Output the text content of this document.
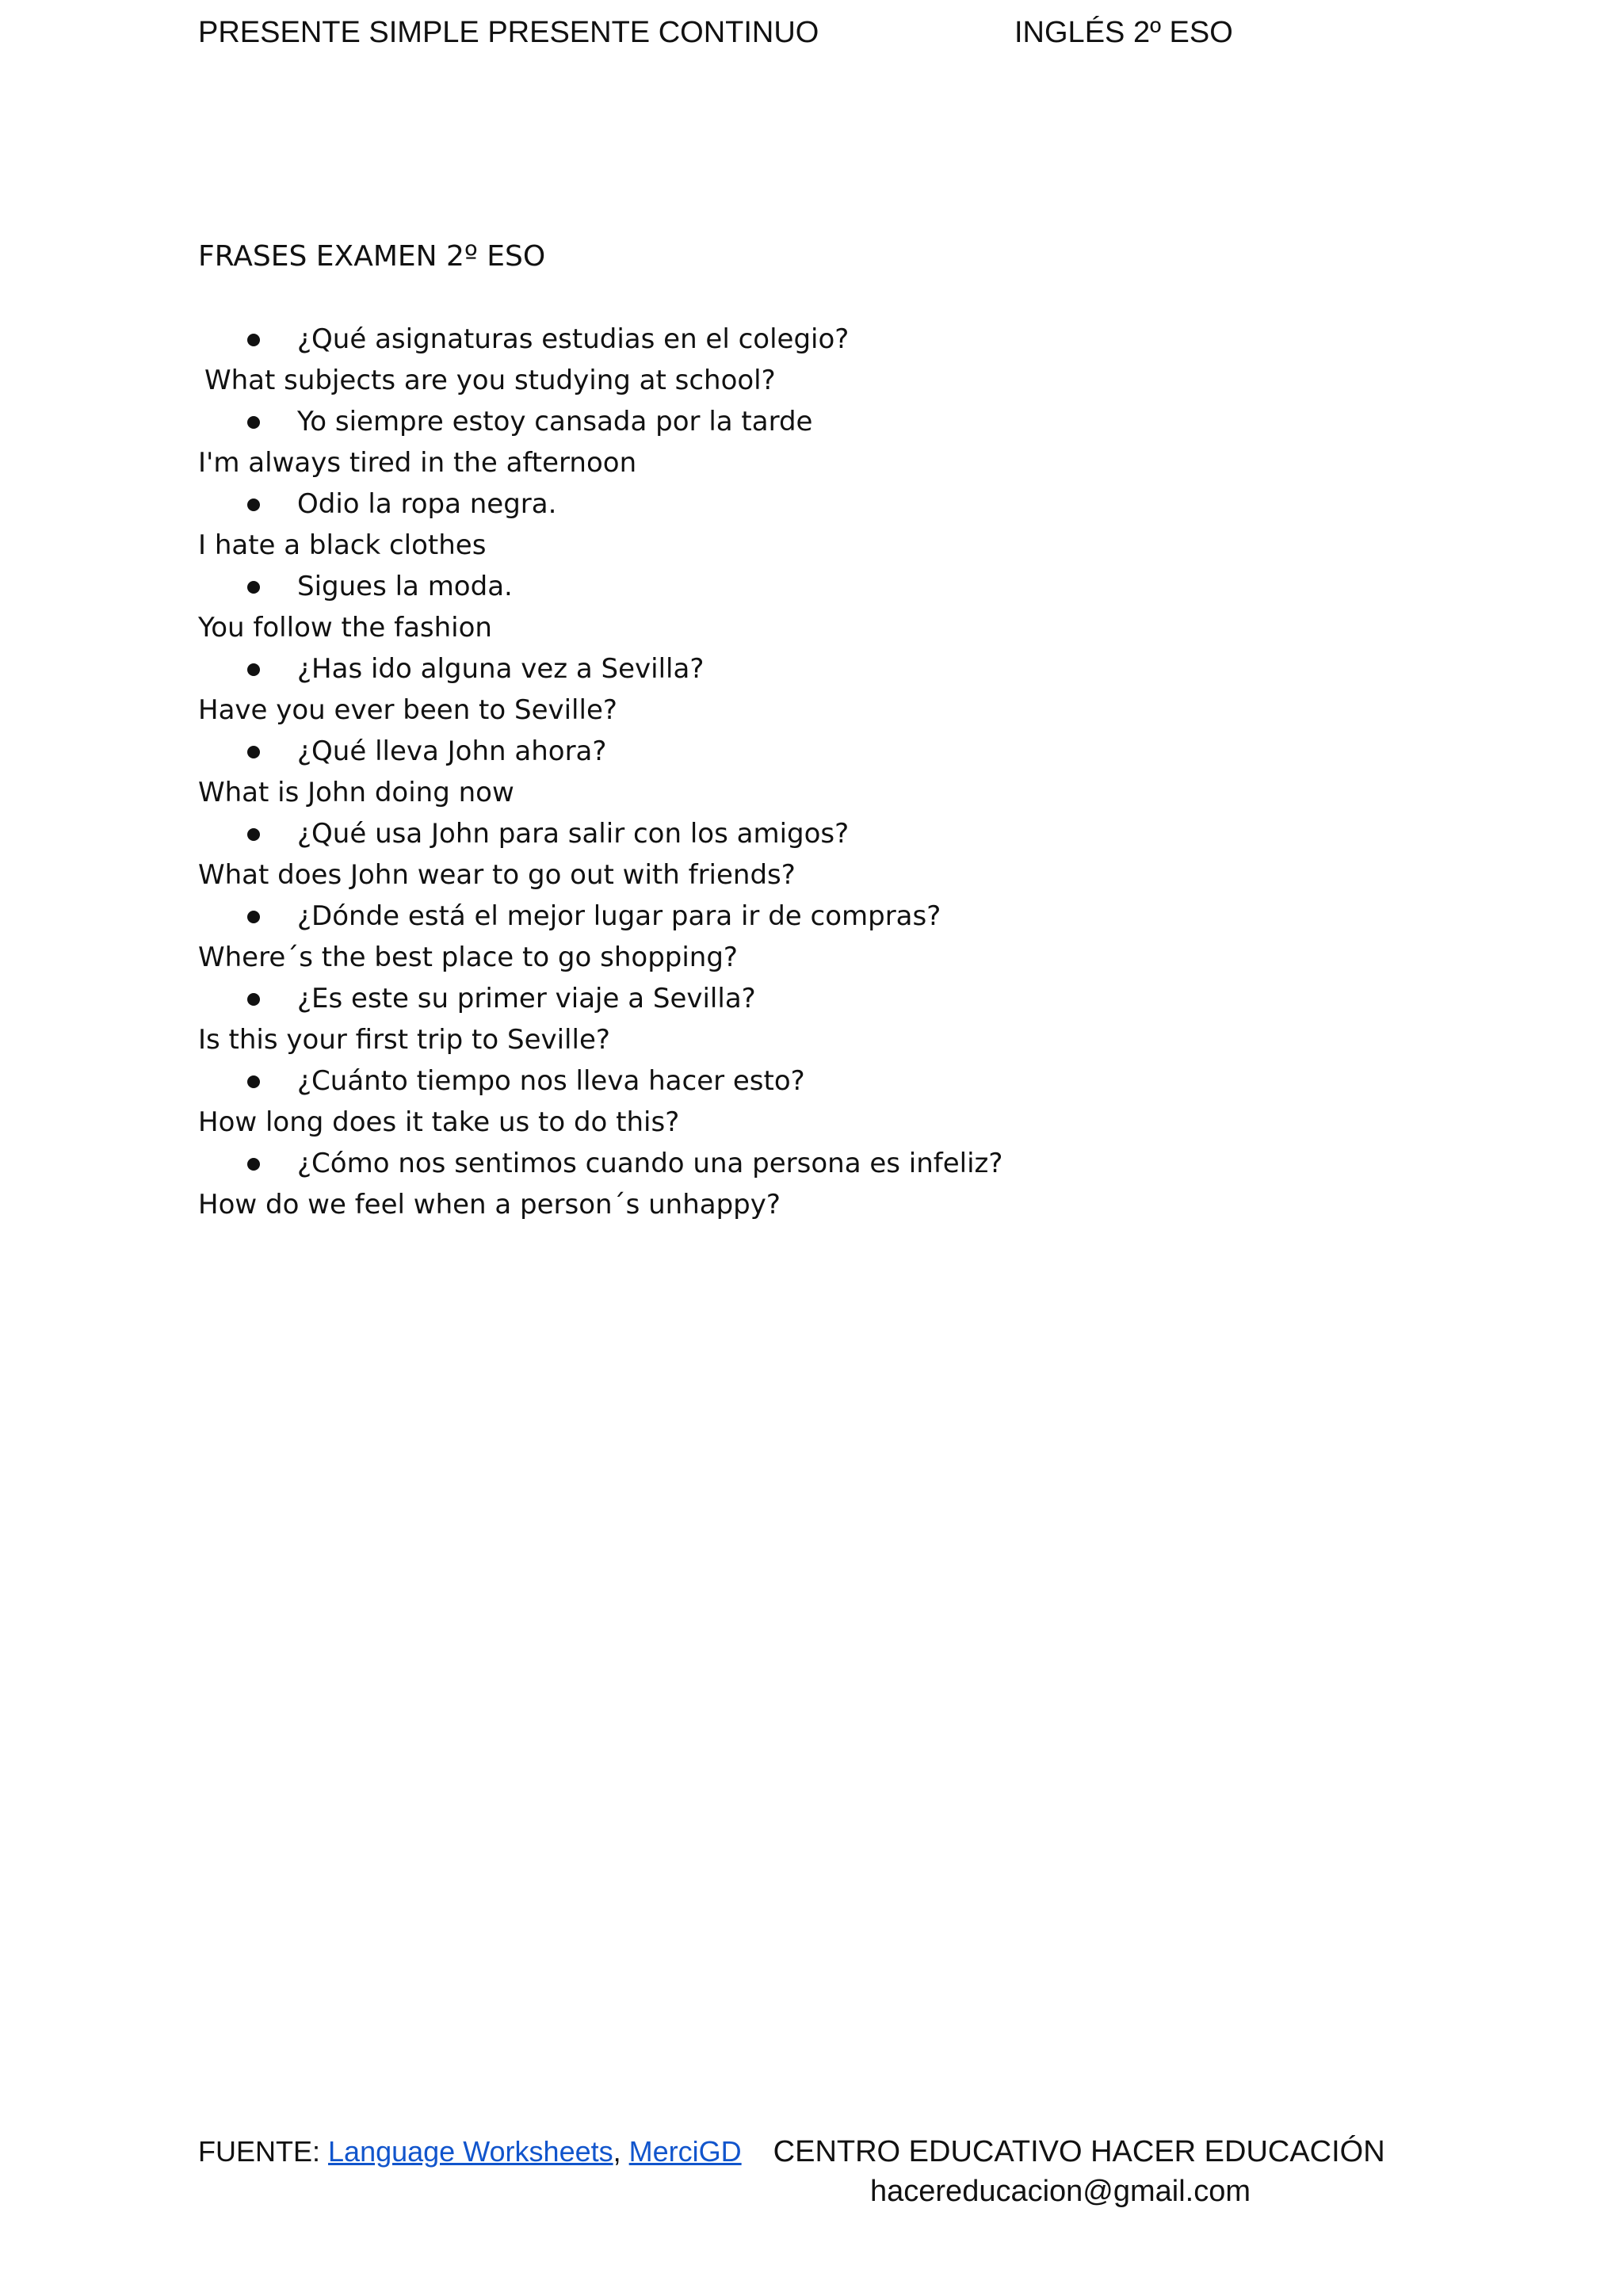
PRESENTE SIMPLE PRESENTE CONTINUO	INGLÉS 2º ESO
FRASES EXAMEN 2º ESO
¿Qué asignaturas estudias en el colegio?
What subjects are you studying at school?
Yo siempre estoy cansada por la tarde
I'm always tired in the afternoon
Odio la ropa negra.
I hate a black clothes
Sigues la moda.
You follow the fashion
¿Has ido alguna vez a Sevilla?
Have you ever been to Seville?
¿Qué lleva John ahora?
What is John doing now
¿Qué usa John para salir con los amigos?
What does John wear to go out with friends?
¿Dónde está el mejor lugar para ir de compras?
Where´s the best place to go shopping?
¿Es este su primer viaje a Sevilla?
Is this your first trip to Seville?
¿Cuánto tiempo nos lleva hacer esto?
How long does it take us to do this?
¿Cómo nos sentimos cuando una persona es infeliz?
How do we feel when a person´s unhappy?
FUENTE: Language Worksheets, MerciGD CENTRO EDUCATIVO HACER EDUCACIÓN
hacereducacion@gmail.com
